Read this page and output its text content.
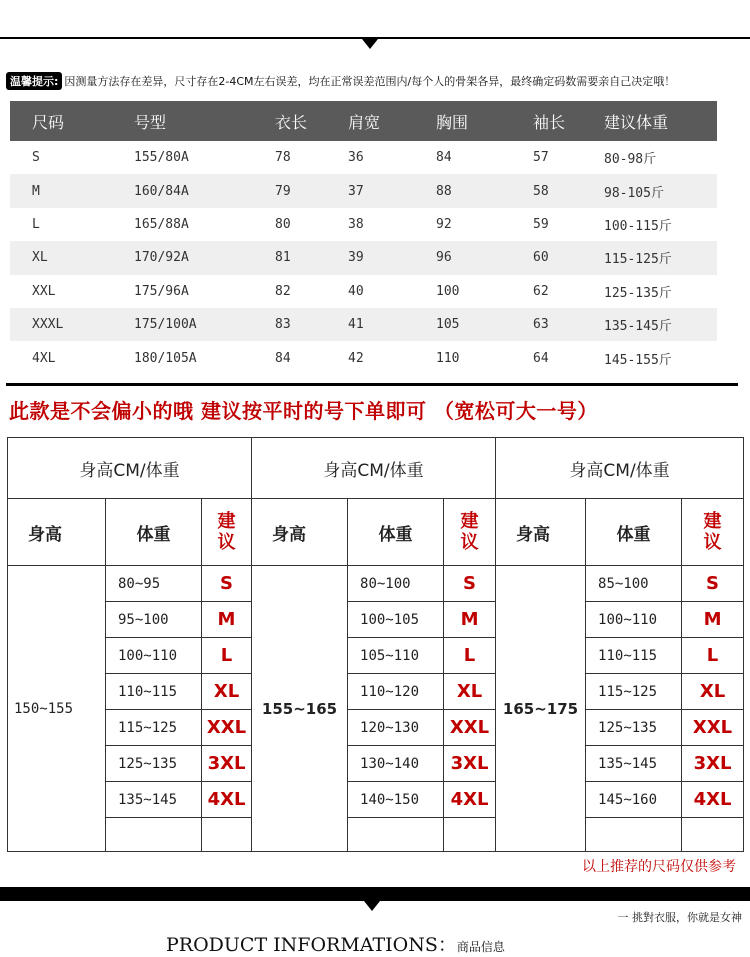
温馨提示: 因测量方法存在差异，尺寸存在2-4CM左右误差，均在正常误差范围内/每个人的骨架各异，最终确定码数需要亲自己决定哦！
尺码	号型	衣长	肩宽	胸围	袖长	建议体重
S	155/80A	78	36	84	57	80-98斤
M	160/84A	79	37	88	58	98-105斤
L	165/88A	80	38	92	59	100-115斤
XL	170/92A	81	39	96	60	115-125斤
XXL	175/96A	82	40	100	62	125-135斤
XXXL	175/100A	83	41	105	63	135-145斤
4XL	180/105A	84	42	110	64	145-155斤
此款是不会偏小的哦 建议按平时的号下单即可 （宽松可大一号）
身高CM/体重			身高CM/体重			身高CM/体重		
身高	体重	建议	身高	体重	建议	身高	体重	建议
150~155	80~95	S	155~165	80~100	S	165~175	85~100	S
	95~100	M		100~105	M		100~110	M
	100~110	L		105~110	L		110~115	L
	110~115	XL		110~120	XL		115~125	XL
	115~125	XXL		120~130	XXL		125~135	XXL
	125~135	3XL		130~140	3XL		135~145	3XL
	135~145	4XL		140~150	4XL		145~160	4XL

以上推荐的尺码仅供参考
一 挑對衣服，你就是女神
PRODUCT INFORMATIONS：商品信息
